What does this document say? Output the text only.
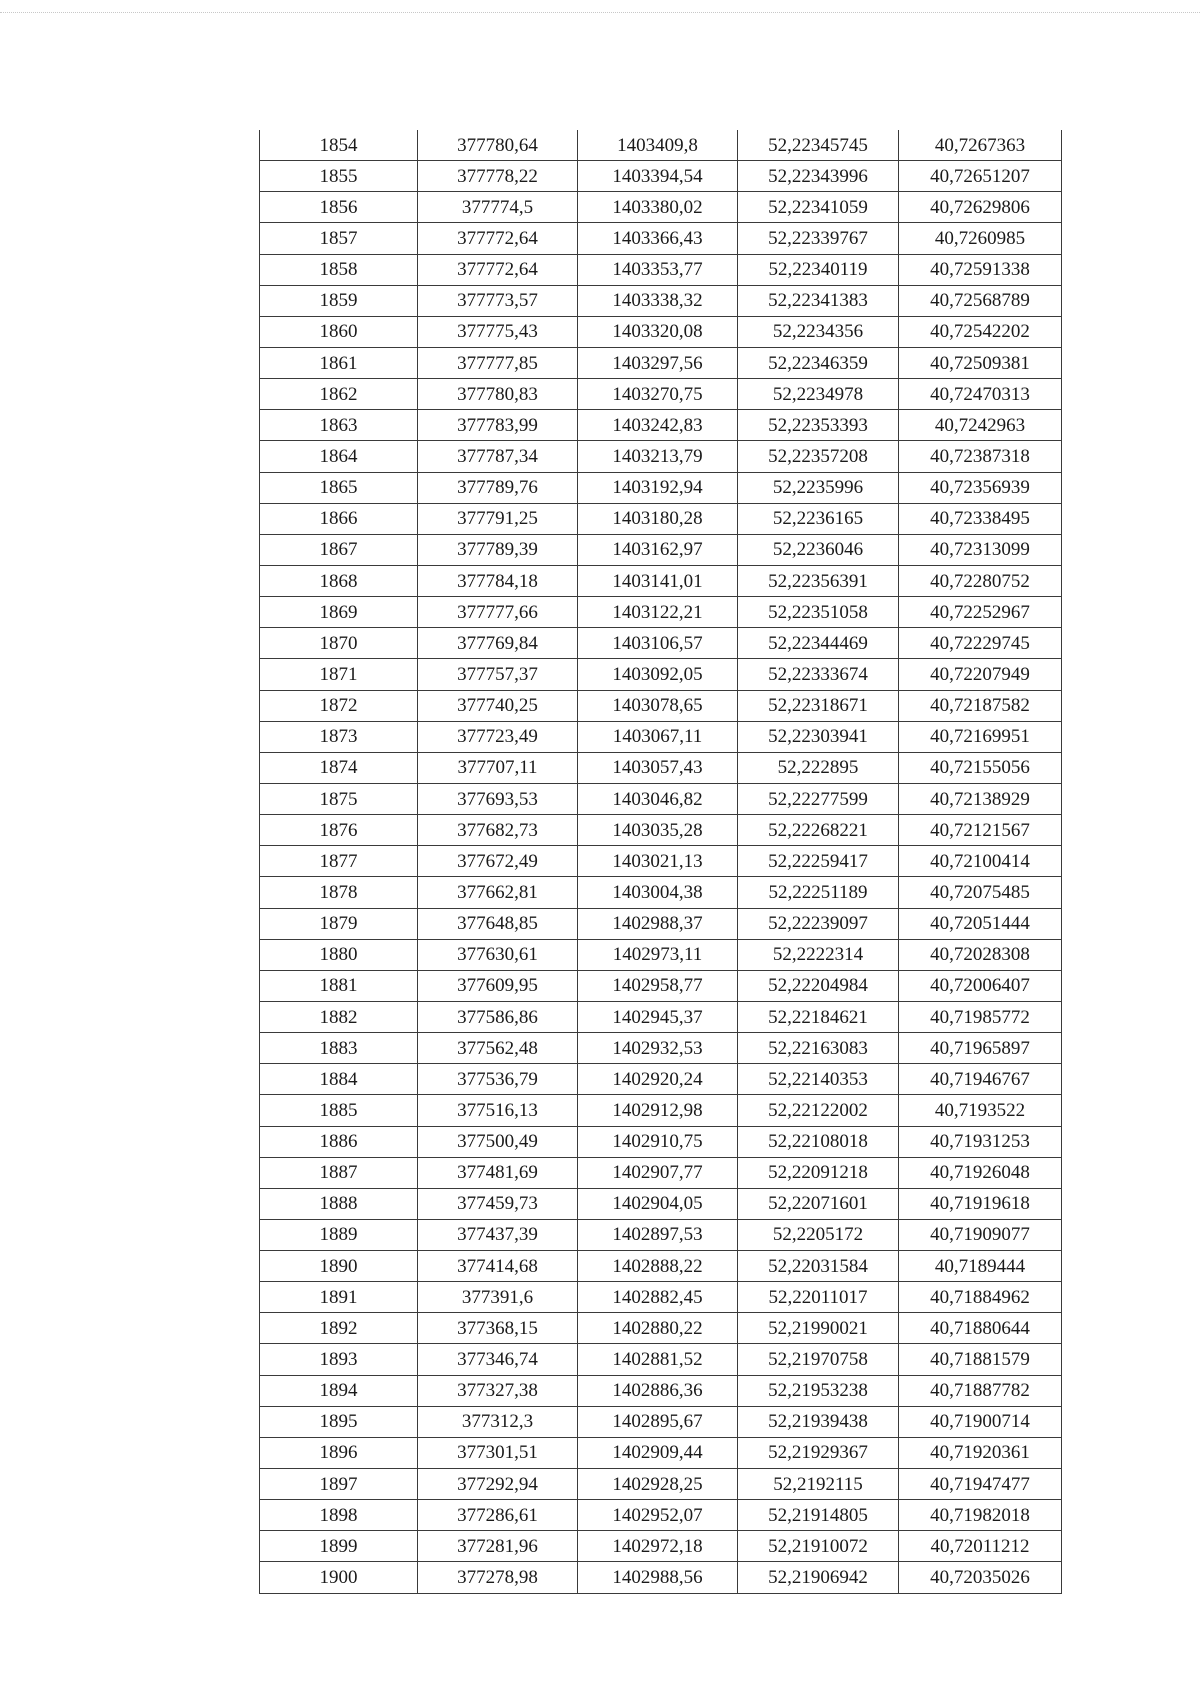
1854	377780,64	1403409,8	52,22345745	40,7267363
1855	377778,22	1403394,54	52,22343996	40,72651207
1856	377774,5	1403380,02	52,22341059	40,72629806
1857	377772,64	1403366,43	52,22339767	40,7260985
1858	377772,64	1403353,77	52,22340119	40,72591338
1859	377773,57	1403338,32	52,22341383	40,72568789
1860	377775,43	1403320,08	52,2234356	40,72542202
1861	377777,85	1403297,56	52,22346359	40,72509381
1862	377780,83	1403270,75	52,2234978	40,72470313
1863	377783,99	1403242,83	52,22353393	40,7242963
1864	377787,34	1403213,79	52,22357208	40,72387318
1865	377789,76	1403192,94	52,2235996	40,72356939
1866	377791,25	1403180,28	52,2236165	40,72338495
1867	377789,39	1403162,97	52,2236046	40,72313099
1868	377784,18	1403141,01	52,22356391	40,72280752
1869	377777,66	1403122,21	52,22351058	40,72252967
1870	377769,84	1403106,57	52,22344469	40,72229745
1871	377757,37	1403092,05	52,22333674	40,72207949
1872	377740,25	1403078,65	52,22318671	40,72187582
1873	377723,49	1403067,11	52,22303941	40,72169951
1874	377707,11	1403057,43	52,222895	40,72155056
1875	377693,53	1403046,82	52,22277599	40,72138929
1876	377682,73	1403035,28	52,22268221	40,72121567
1877	377672,49	1403021,13	52,22259417	40,72100414
1878	377662,81	1403004,38	52,22251189	40,72075485
1879	377648,85	1402988,37	52,22239097	40,72051444
1880	377630,61	1402973,11	52,2222314	40,72028308
1881	377609,95	1402958,77	52,22204984	40,72006407
1882	377586,86	1402945,37	52,22184621	40,71985772
1883	377562,48	1402932,53	52,22163083	40,71965897
1884	377536,79	1402920,24	52,22140353	40,71946767
1885	377516,13	1402912,98	52,22122002	40,7193522
1886	377500,49	1402910,75	52,22108018	40,71931253
1887	377481,69	1402907,77	52,22091218	40,71926048
1888	377459,73	1402904,05	52,22071601	40,71919618
1889	377437,39	1402897,53	52,2205172	40,71909077
1890	377414,68	1402888,22	52,22031584	40,7189444
1891	377391,6	1402882,45	52,22011017	40,71884962
1892	377368,15	1402880,22	52,21990021	40,71880644
1893	377346,74	1402881,52	52,21970758	40,71881579
1894	377327,38	1402886,36	52,21953238	40,71887782
1895	377312,3	1402895,67	52,21939438	40,71900714
1896	377301,51	1402909,44	52,21929367	40,71920361
1897	377292,94	1402928,25	52,2192115	40,71947477
1898	377286,61	1402952,07	52,21914805	40,71982018
1899	377281,96	1402972,18	52,21910072	40,72011212
1900	377278,98	1402988,56	52,21906942	40,72035026
